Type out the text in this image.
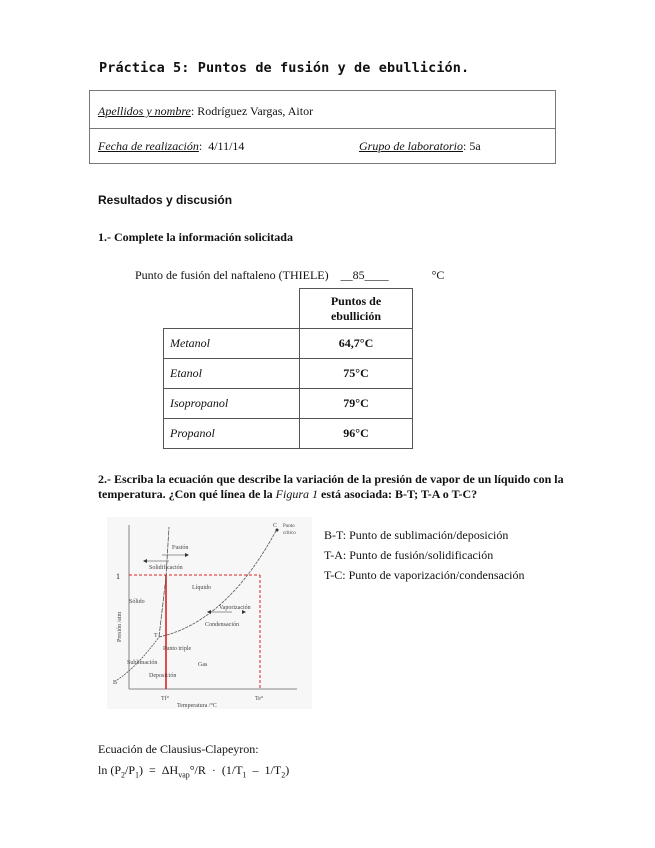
Práctica 5: Puntos de fusión y de ebullición.
Apellidos y nombre: Rodríguez Vargas, Aitor
Fecha de realización:  4/11/14	Grupo de laboratorio: 5a
Resultados y discusión
1.- Complete la información solicitada
Punto de fusión del naftaleno (THIELE) __85____	°C
	Puntos de ebullición
Metanol	64,7°C
Etanol	75°C
Isopropanol	79°C
Propanol	96°C
2.- Escriba la ecuación que describe la variación de la presión de vapor de un líquido con la temperatura. ¿Con qué línea de la Figura 1 está asociada: B-T; T-A o T-C?
1
Sólido
Líquido
Gas
Fusión
Solidificación
Vaporización
Condensación
Sublimación
Deposición
T
Punto triple
C Punto
crítico
B
Tf°	Te°
Temperatura /°C
Presión /atm
B-T: Punto de sublimación/deposición
T-A: Punto de fusión/solidificación
T-C: Punto de vaporización/condensación
Ecuación de Clausius-Clapeyron:
$\ln (P_2/P_1) = \Delta H_{vap}^\circ/R \cdot (1/T_1 - 1/T_2)$
